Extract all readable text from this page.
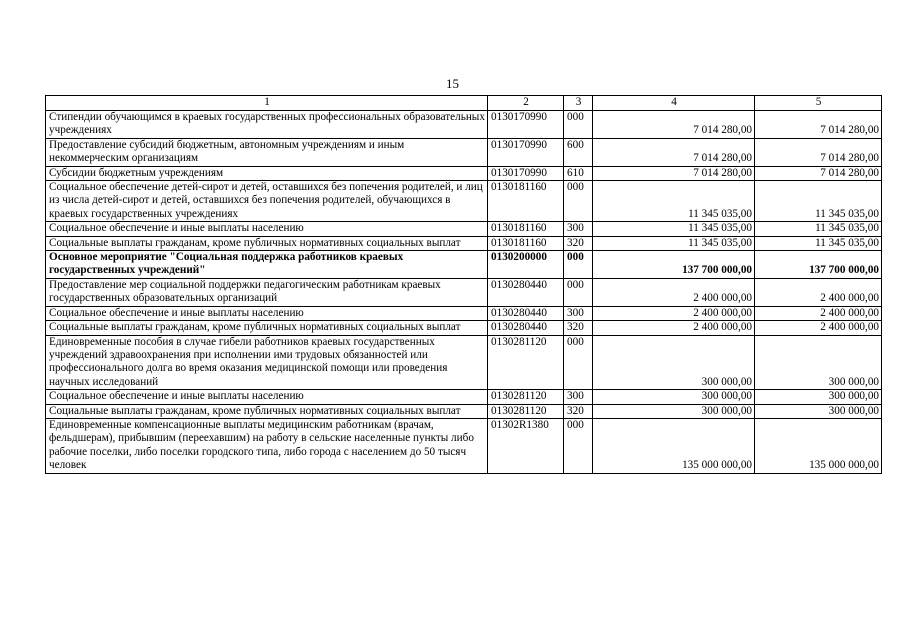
15
1	2	3	4	5
Стипендии обучающимся в краевых государственных профессиональных образовательных учреждениях	0130170990	000	7 014 280,00	7 014 280,00
Предоставление субсидий бюджетным, автономным учреждениям и иным некоммерческим организациям	0130170990	600	7 014 280,00	7 014 280,00
Субсидии бюджетным учреждениям	0130170990	610	7 014 280,00	7 014 280,00
Социальное обеспечение детей-сирот и детей, оставшихся без попечения родителей, и лиц из числа детей-сирот и детей, оставшихся без попечения родителей, обучающихся в краевых государственных учреждениях	0130181160	000	11 345 035,00	11 345 035,00
Социальное обеспечение и иные выплаты населению	0130181160	300	11 345 035,00	11 345 035,00
Социальные выплаты гражданам, кроме публичных нормативных социальных выплат	0130181160	320	11 345 035,00	11 345 035,00
Основное мероприятие "Социальная поддержка работников краевых государственных учреждений"	0130200000	000	137 700 000,00	137 700 000,00
Предоставление мер социальной поддержки педагогическим работникам краевых государственных образовательных организаций	0130280440	000	2 400 000,00	2 400 000,00
Социальное обеспечение и иные выплаты населению	0130280440	300	2 400 000,00	2 400 000,00
Социальные выплаты гражданам, кроме публичных нормативных социальных выплат	0130280440	320	2 400 000,00	2 400 000,00
Единовременные пособия в случае гибели работников краевых государственных учреждений здравоохранения при исполнении ими трудовых обязанностей или профессионального долга во время оказания медицинской помощи или проведения научных исследований	0130281120	000	300 000,00	300 000,00
Социальное обеспечение и иные выплаты населению	0130281120	300	300 000,00	300 000,00
Социальные выплаты гражданам, кроме публичных нормативных социальных выплат	0130281120	320	300 000,00	300 000,00
Единовременные компенсационные выплаты медицинским работникам (врачам, фельдшерам), прибывшим (переехавшим) на работу в сельские населенные пункты либо рабочие поселки, либо поселки городского типа, либо города с населением до 50 тысяч человек	01302R1380	000	135 000 000,00	135 000 000,00
